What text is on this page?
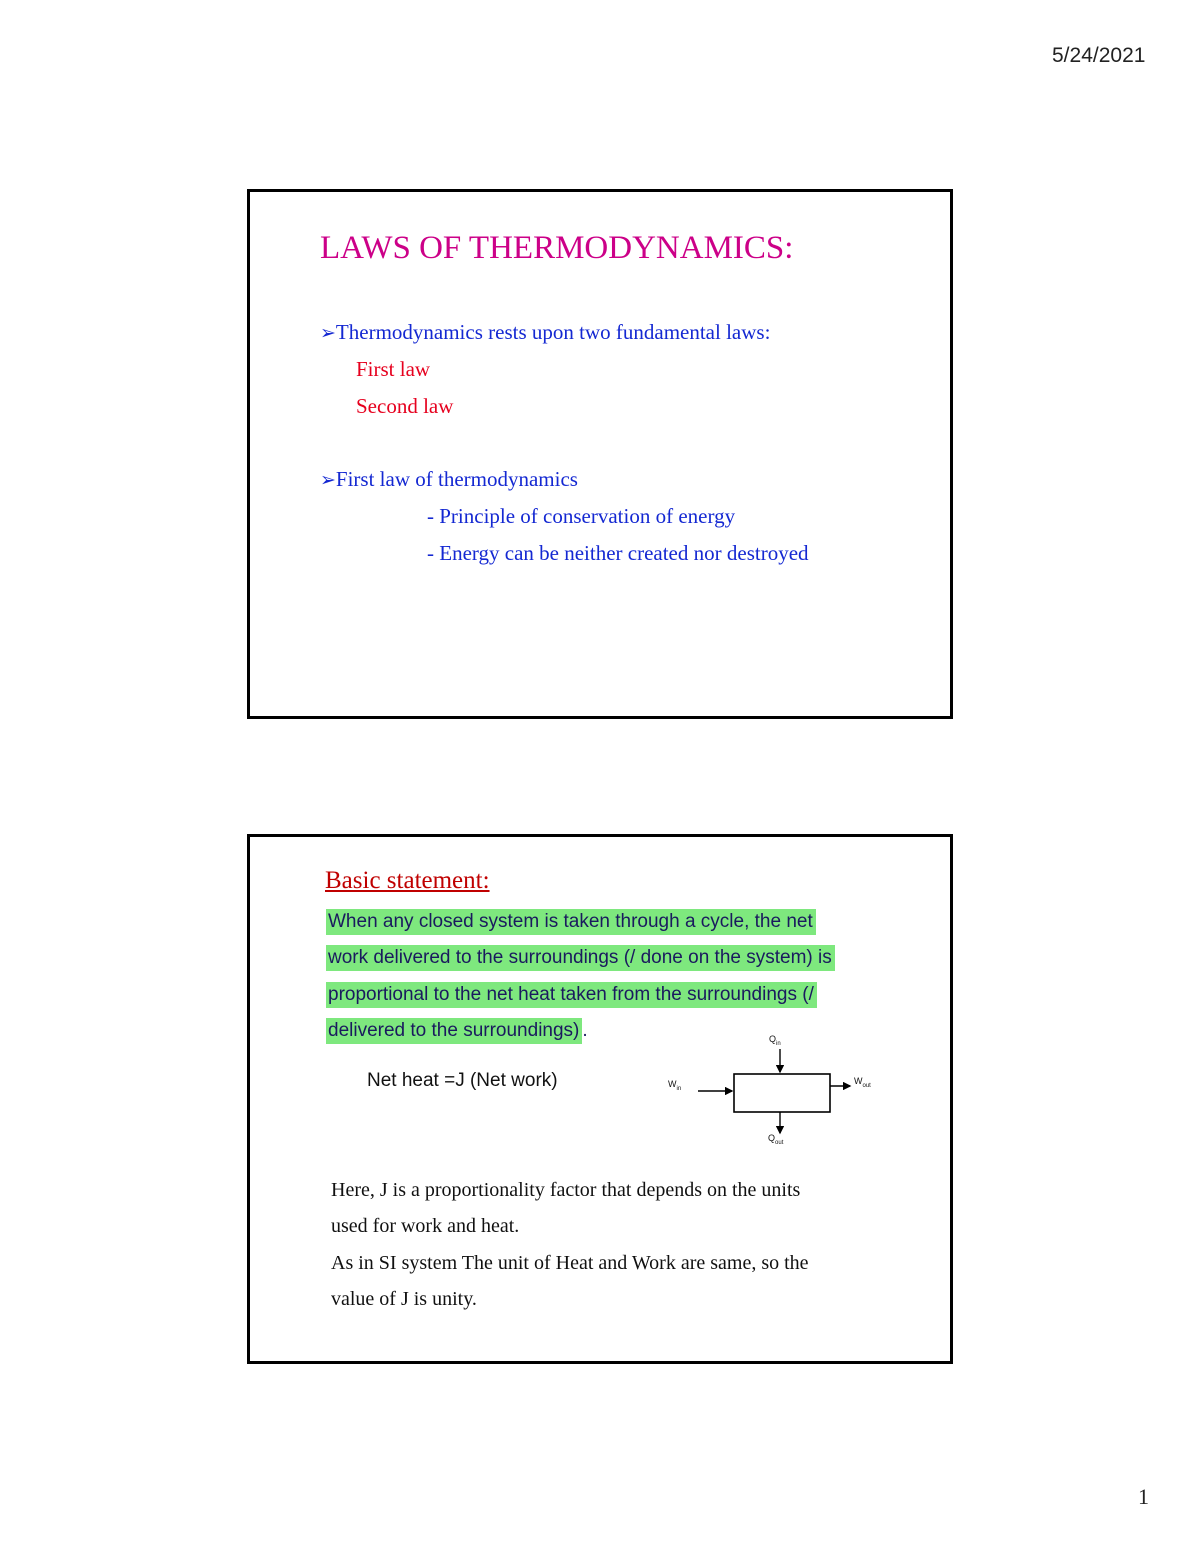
5/24/2021
LAWS OF THERMODYNAMICS:
➢Thermodynamics rests upon two fundamental laws:
First law
Second law
➢First law of thermodynamics
- Principle of conservation of energy
- Energy can be neither created nor destroyed
Basic statement:
When any closed system is taken through a cycle, the net
work delivered to the surroundings (/ done on the system) is
proportional to the net heat taken from the surroundings (/
delivered to the surroundings) .
Net heat =J (Net work)
$Q_{in}$
$W_{in}$
$W_{out}$
$Q_{out}$
Here, J is a proportionality factor that depends on the units
used for work and heat.
As in SI system The unit of Heat and Work are same, so the
value of J is unity.
1
